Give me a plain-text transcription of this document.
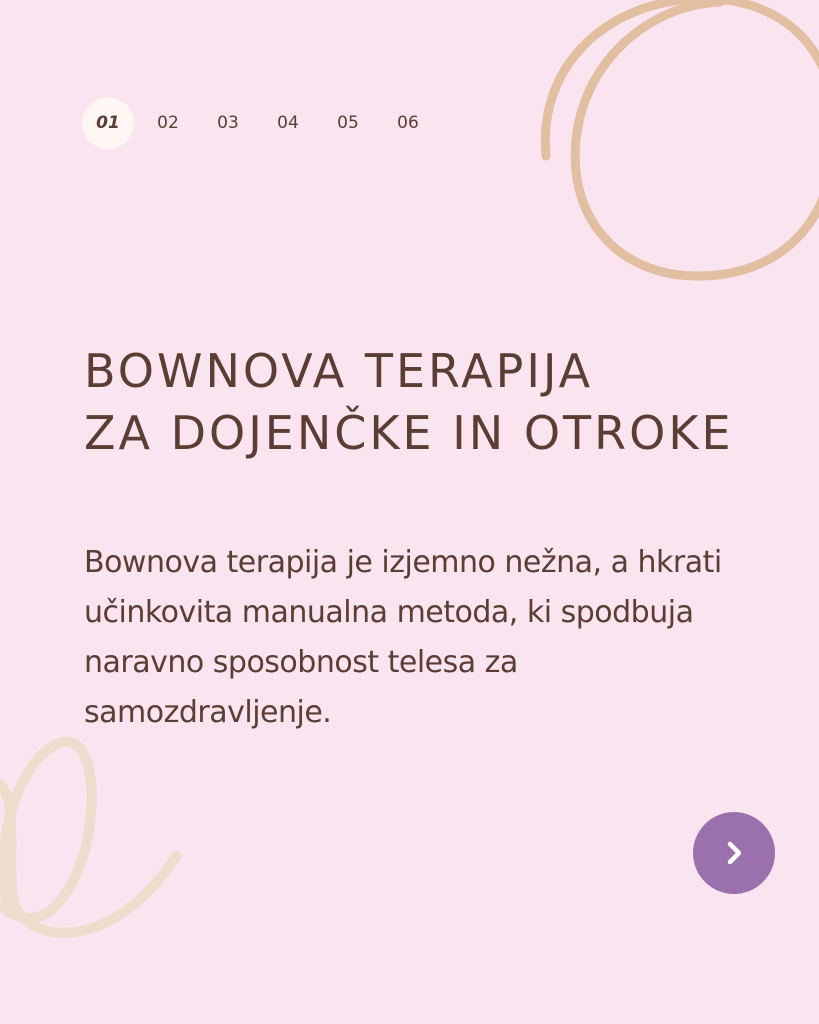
01	02	03	04	05	06
BOWNOVA TERAPIJA
ZA DOJENČKE IN OTROKE

Bownova terapija je izjemno nežna, a hkrati učinkovita manualna metoda, ki spodbuja naravno sposobnost telesa za samozdravljenje.
